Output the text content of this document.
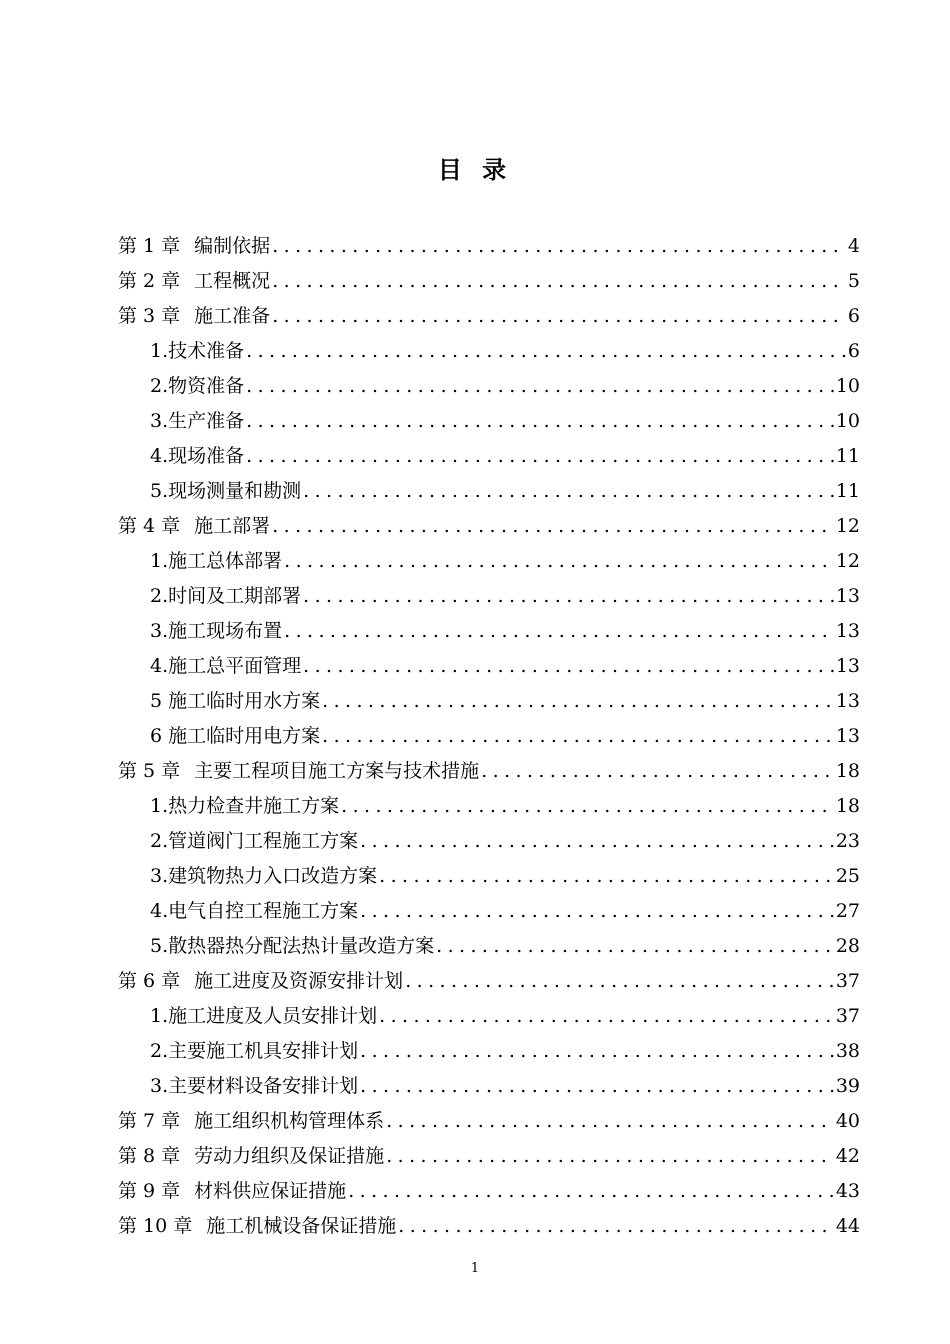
目 录
第 1 章 编制依据 .....	4
第 2 章 工程概况 .....	5
第 3 章 施工准备 .....	6
1.技术准备 .....	6
2.物资准备 .....	10
3.生产准备 .....	10
4.现场准备 .....	11
5.现场测量和勘测 .....	11
第 4 章 施工部署 .....	12
1.施工总体部署 .....	12
2.时间及工期部署 .....	13
3.施工现场布置 .....	13
4.施工总平面管理 .....	13
5 施工临时用水方案 .....	13
6 施工临时用电方案 .....	13
第 5 章 主要工程项目施工方案与技术措施 .....	18
1.热力检查井施工方案 .....	18
2.管道阀门工程施工方案 .....	23
3.建筑物热力入口改造方案 .....	25
4.电气自控工程施工方案 .....	27
5.散热器热分配法热计量改造方案 .....	28
第 6 章 施工进度及资源安排计划 .....	37
1.施工进度及人员安排计划 .....	37
2.主要施工机具安排计划 .....	38
3.主要材料设备安排计划 .....	39
第 7 章 施工组织机构管理体系 .....	40
第 8 章 劳动力组织及保证措施 .....	42
第 9 章 材料供应保证措施 .....	43
第 10 章 施工机械设备保证措施 .....	44
1
